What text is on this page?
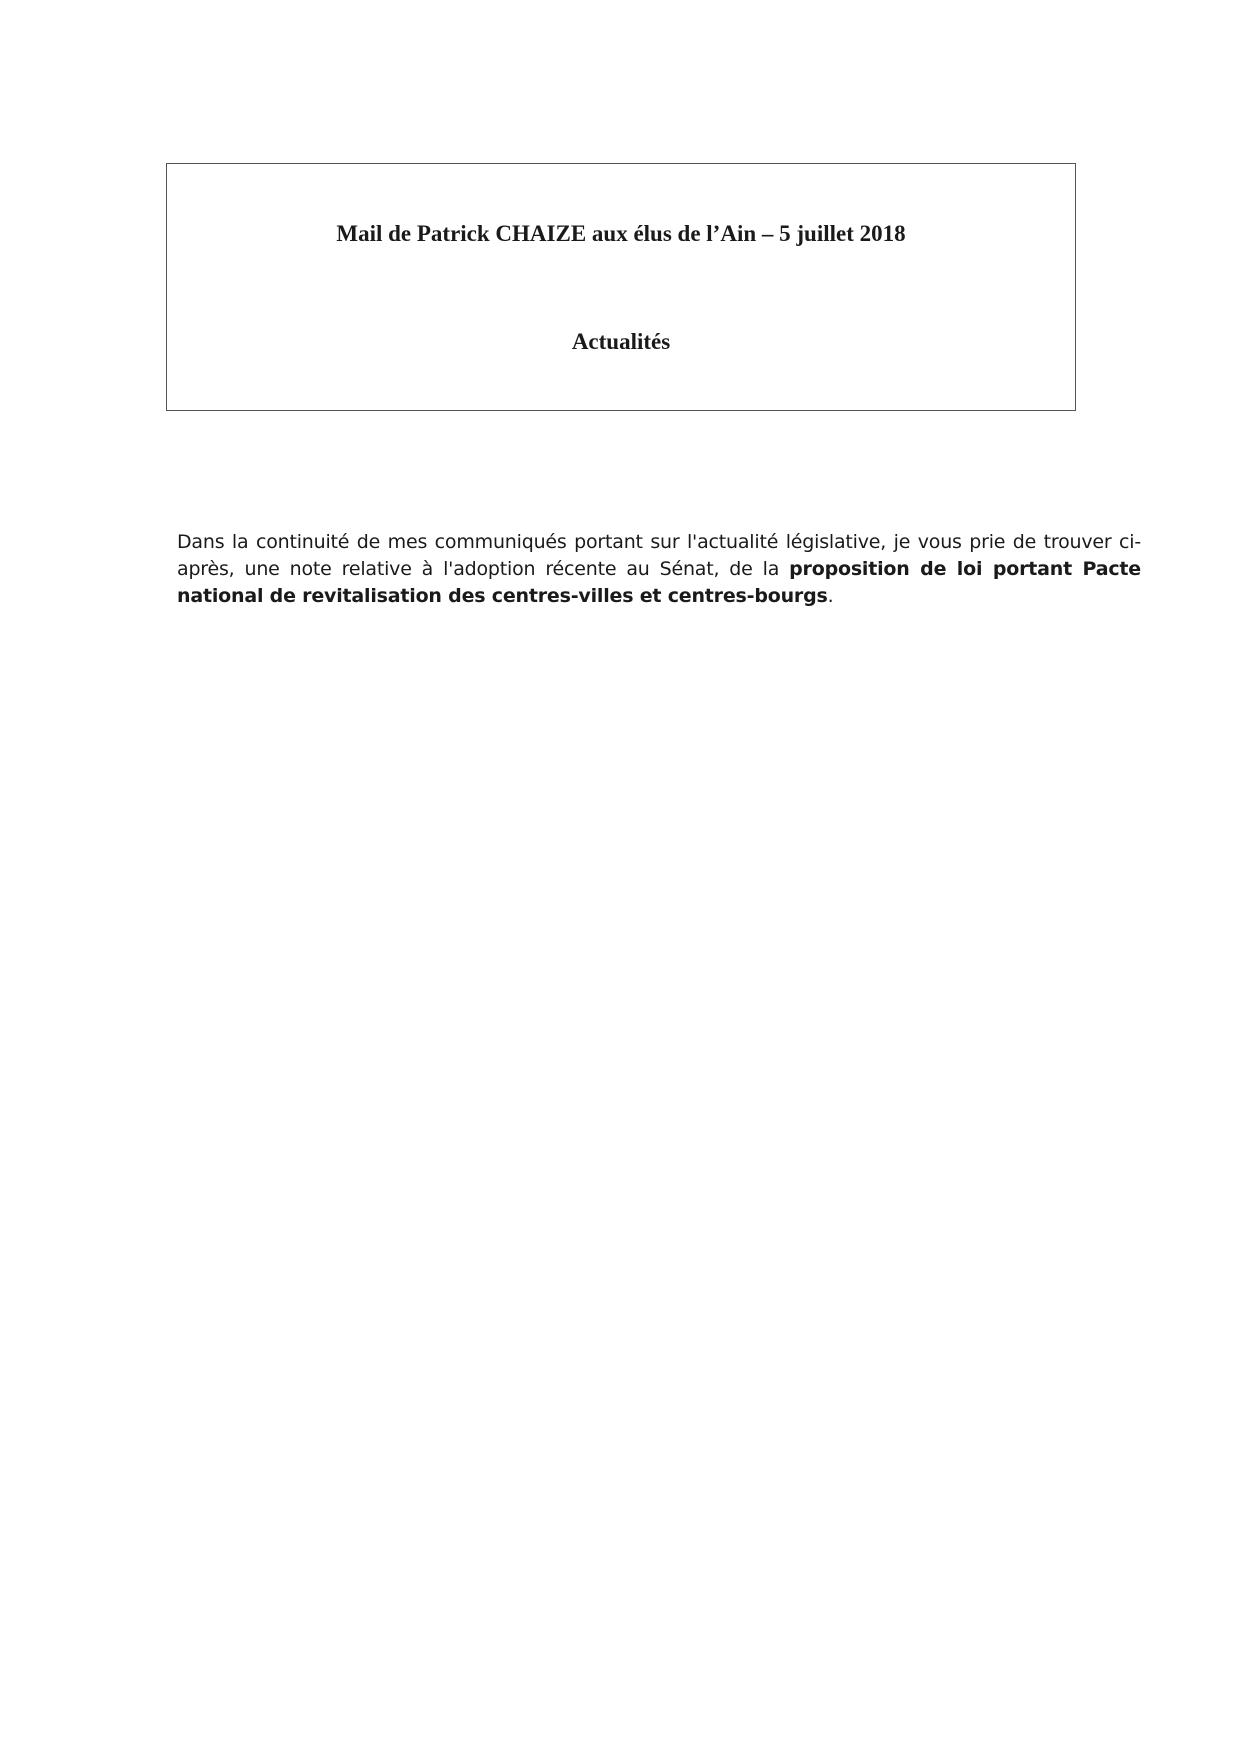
Mail de Patrick CHAIZE aux élus de l’Ain – 5 juillet 2018
Actualités

Dans la continuité de mes communiqués portant sur l'actualité législative, je vous prie de trouver ci-après, une note relative à l'adoption récente au Sénat, de la proposition de loi portant Pacte national de revitalisation des centres-villes et centres-bourgs.
